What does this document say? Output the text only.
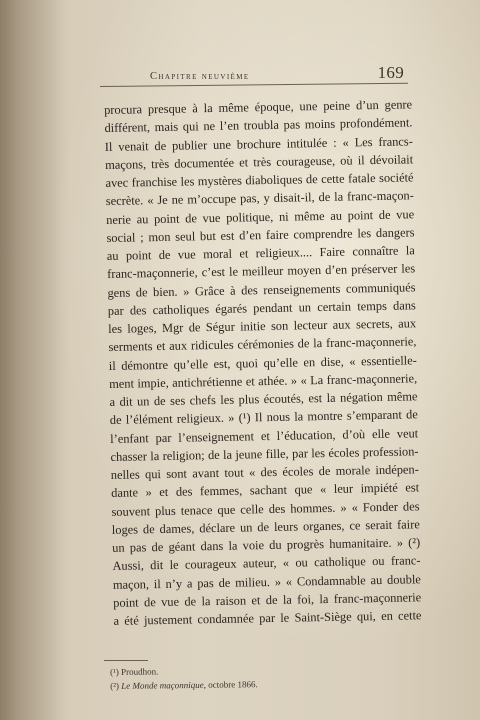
Chapitre neuvième	169
procura presque à la même époque, une peine d’un genre
différent, mais qui ne l’en troubla pas moins profondément.
Il venait de publier une brochure intitulée : « Les francs-
maçons, très documentée et très courageuse, où il dévoilait
avec franchise les mystères diaboliques de cette fatale société
secrète. « Je ne m’occupe pas, y disait-il, de la franc-maçon-
nerie au point de vue politique, ni même au point de vue
social ; mon seul but est d’en faire comprendre les dangers
au point de vue moral et religieux.... Faire connaître la
franc-maçonnerie, c’est le meilleur moyen d’en préserver les
gens de bien. » Grâce à des renseignements communiqués
par des catholiques égarés pendant un certain temps dans
les loges, Mgr de Ségur initie son lecteur aux secrets, aux
serments et aux ridicules cérémonies de la franc-maçonnerie,
il démontre qu’elle est, quoi qu’elle en dise, « essentielle-
ment impie, antichrétienne et athée. » « La franc-maçonnerie,
a dit un de ses chefs les plus écoutés, est la négation même
de l’élément religieux. » (¹) Il nous la montre s’emparant de
l’enfant par l’enseignement et l’éducation, d’où elle veut
chasser la religion; de la jeune fille, par les écoles profession-
nelles qui sont avant tout « des écoles de morale indépen-
dante » et des femmes, sachant que « leur impiété est
souvent plus tenace que celle des hommes. » « Fonder des
loges de dames, déclare un de leurs organes, ce serait faire
un pas de géant dans la voie du progrès humanitaire. » (²)
Aussi, dit le courageux auteur, « ou catholique ou franc-
maçon, il n’y a pas de milieu. » « Condamnable au double
point de vue de la raison et de la foi, la franc-maçonnerie
a été justement condamnée par le Saint-Siège qui, en cette
(¹) Proudhon.
(²) Le Monde maçonnique, octobre 1866.
